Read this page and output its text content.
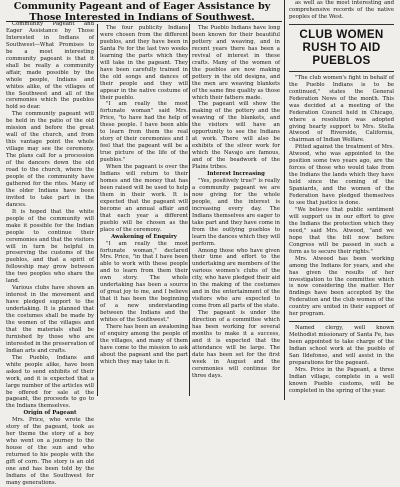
Community Pageant and of Eager Assistance by
Those Interested in Indians of Southwest.

Community Pageant and Eager Assistance by Those Interested in Indians of Southwest—What Promises to be a most interesting community pageant is that it shall be really a community affair, made possible by the whole people, Indians and whites alike, of the villages of the Southwest and all of the ceremonies which the pueblos hold so dear.

The community pageant will be held in the patio of the old mission and before the great wall of the church, and from this vantage point the whole village may see the ceremony. The plans call for a procession of the dancers down the old road to the church, where the people of the community have gathered for the rites. Many of the older Indians have been invited to take part in the dances.

It is hoped that the white people of the community will make it possible for the Indian people to continue their ceremonies and that the visitors will in turn be helpful in preserving the customs of the pueblos, and that a spirit of fellowship may grow between the two peoples who share the land.

Various clubs have shown an interest in the movement and have pledged support to the undertaking. It is planned that the costumes shall be made by the women of the villages and that the materials shall be furnished by those who are interested in the preservation of Indian arts and crafts.

The Pueblo, Indians and white people alike, have been asked to send exhibits of their work, and it is expected that a large number of the articles will be offered for sale at the pageant, the proceeds to go to the Indians themselves.

Origin of Pageant

Mrs. Price, who wrote the story of the pageant, took as her theme the story of a boy who went on a journey to the house of the sun and who returned to his people with the gift of corn. The story is an old one and has been told by the Indians of the Southwest for many generations.

The four publicity Indians were chosen from the different pueblos, and they have been in Santa Fe for the last two weeks learning the parts which they will take in the pageant. They have been carefully trained in the old songs and dances of their people and they will appear in the native costume of their pueblo.

"I am really the most fortunate woman" said Mrs. Price, "to have had the help of these people. I have been able to learn from them the real story of their ceremonies and I feel that the pageant will be a true picture of the life of the pueblos."

When the pageant is over the Indians will return to their homes and the money that has been raised will be used to help them in their work. It is expected that the pageant will become an annual affair and that each year a different pueblo will be chosen as the place of the ceremony.

Awakening of Enquiry

"I am really the most fortunate woman," declared Mrs. Price, "in that I have been able to work with these people and to learn from them their own story. The whole undertaking has been a source of great joy to me, and I believe that it has been the beginning of a new understanding between the Indians and the whites of the Southwest."

There has been an awakening of enquiry among the people of the villages, and many of them have come to the mission to ask about the pageant and the part which they may take in it.

The Pueblo Indians have long been known for their beautiful pottery and weaving, and in recent years there has been a revival of interest in these crafts. Many of the women of the pueblos are now making pottery in the old designs, and the men are weaving blankets of the same fine quality as those which their fathers made.

The pageant will show the making of the pottery and the weaving of the blankets, and the visitors will have an opportunity to see the Indians at work. There will also be exhibits of the silver work for which the Navajo are famous, and of the beadwork of the Plains tribes.

Interest Increasing

"Yes, positively true!" is really a community pageant we are now giving for the whole people, and the interest is increasing every day. The Indians themselves are eager to take part and they have come in from the outlying pueblos to learn the dances which they will perform.

Among those who have given their time and effort to the undertaking are members of the various women's clubs of the city, who have pledged their aid in the making of the costumes and in the entertainment of the visitors who are expected to come from all parts of the state.

The pageant is under the direction of a committee which has been working for several months to make it a success, and it is expected that the attendance will be large. The date has been set for the first week in August and the ceremonies will continue for three days.

as well as the most interesting and comprehensive records of the native peoples of the West.

CLUB WOMEN
RUSH TO AID
PUEBLOS

"The club women's fight in behalf of the Pueblo Indians is to be continued," states the General Federation News of the month. This was decided at a meeting of the Federation Council held in Chicago, where a resolution was adopted giving hearty support to Mrs. Stella Atwood of Riverside, California, chairman of Indian Welfare.

Pitted against the treatment of Mrs. Atwood, who was appointed to the position some two years ago, are the forces of those who would take from the Indians the lands which they have held since the coming of the Spaniards, and the women of the Federation have pledged themselves to see that justice is done.

"We believe that public sentiment will support us in our effort to give the Indians the protection which they need," said Mrs. Atwood, "and we hope that the bill now before Congress will be passed in such a form as to secure their rights."

Mrs. Atwood has been working among the Indians for years, and she has given the results of her investigation to the committee which is now considering the matter. Her findings have been accepted by the Federation and the club women of the country are united in their support of her program.

Named clergy, well known Methodist missionary of Santa Fe, has been appointed to take charge of the Indian school work at the pueblo of San Ildefonso, and will assist in the preparations for the pageant.

Mrs. Price in the Pageant, a three Indian village, complete in a well known Pueblo customs, will be completed in the spring of the year.
